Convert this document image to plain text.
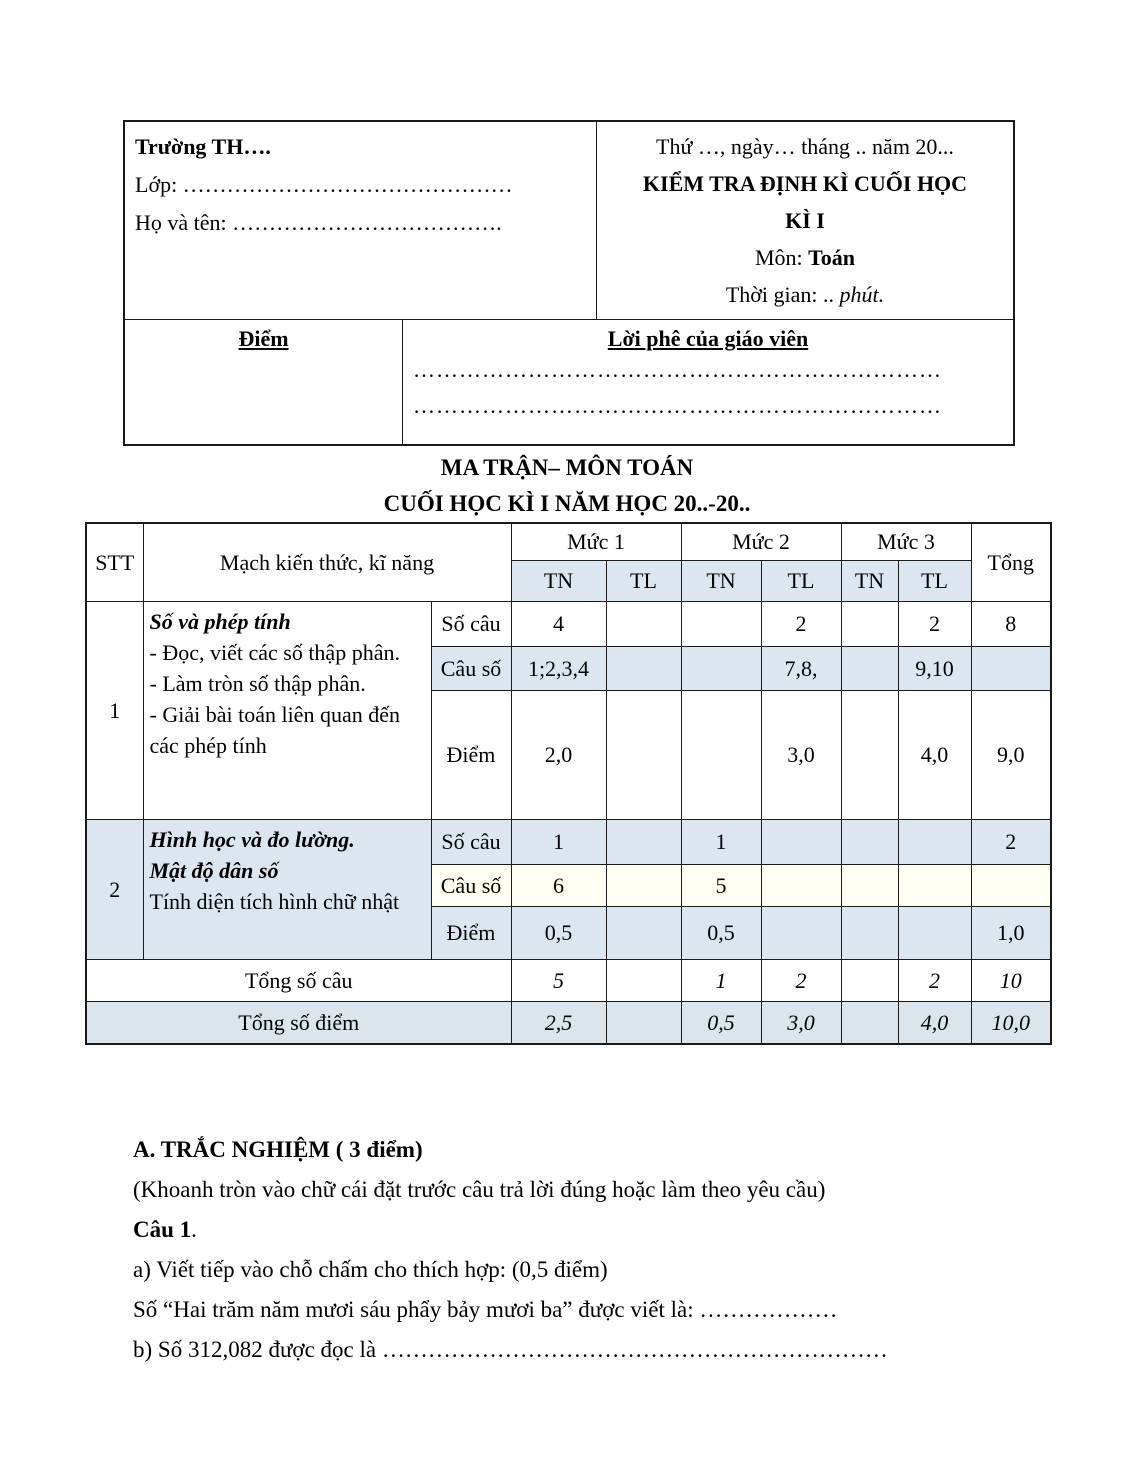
Trường TH….
Lớp: ………………………………………
Họ và tên: ……………………………….

Thứ …, ngày… tháng .. năm 20...
KIỂM TRA ĐỊNH KÌ CUỐI HỌC
KÌ I
Môn: Toán
Thời gian: .. phút.

Điểm	Lời phê của giáo viên
……………………………………………………………
……………………………………………………………	
MA TRẬN– MÔN TOÁN
CUỐI HỌC KÌ I NĂM HỌC 20..-20..
STT	Mạch kiến thức, kĩ năng		Mức 1		Mức 2		Mức 3		Tổng
			TN	TL	TN	TL	TN	TL	
1	Số và phép tính
- Đọc, viết các số thập phân.
- Làm tròn số thập phân.
- Giải bài toán liên quan đến các phép tính	Số câu	4			2		2	8
		Câu số	1;2,3,4			7,8,		9,10	
		Điểm	2,0			3,0		4,0	9,0
2	Hình học và đo lường.
Mật độ dân số
Tính diện tích hình chữ nhật	Số câu	1		1				2
		Câu số	6		5				
		Điểm	0,5		0,5				1,0
Tổng số câu			5		1	2		2	10
Tổng số điểm			2,5		0,5	3,0		4,0	10,0
A. TRẮC NGHIỆM ( 3 điểm)
(Khoanh tròn vào chữ cái đặt trước câu trả lời đúng hoặc làm theo yêu cầu)
Câu 1.
a) Viết tiếp vào chỗ chấm cho thích hợp: (0,5 điểm)
Số “Hai trăm năm mươi sáu phẩy bảy mươi ba” được viết là: ………………
b) Số 312,082 được đọc là …………………………………………………………
